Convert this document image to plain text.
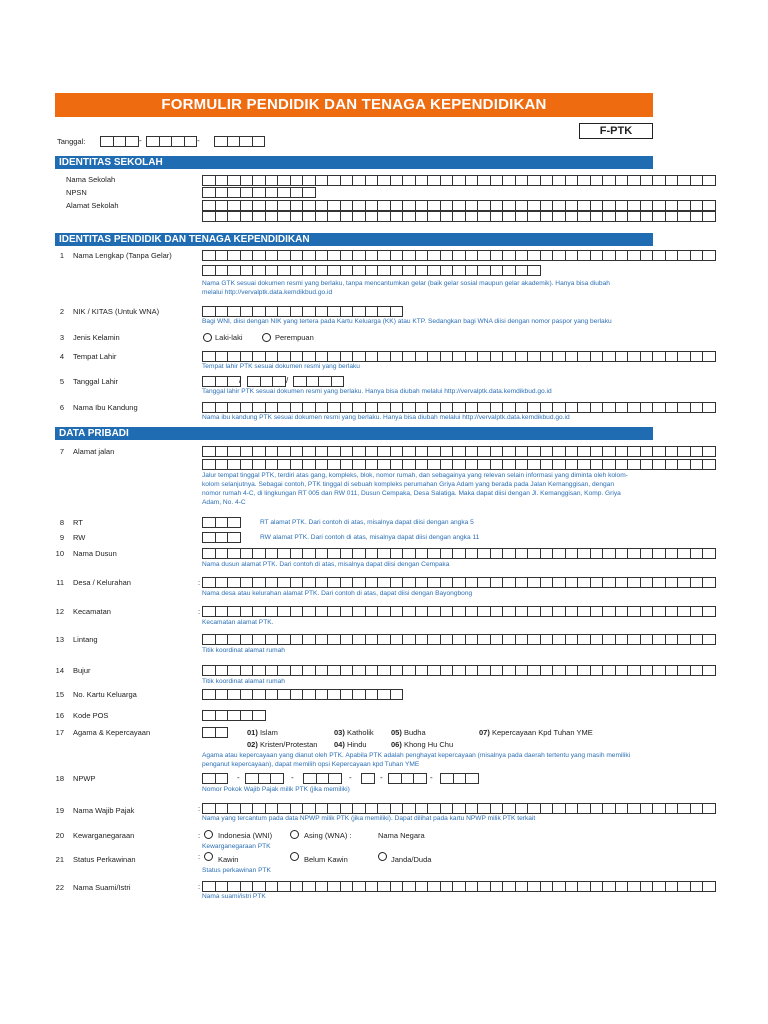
FORMULIR PENDIDIK DAN TENAGA KEPENDIDIKAN
F-PTK
Tanggal:	-	-
IDENTITAS SEKOLAH
Nama Sekolah
NPSN
Alamat Sekolah
IDENTITAS PENDIDIK DAN TENAGA KEPENDIDIKAN
1 Nama Lengkap (Tanpa Gelar)
Nama GTK sesuai dokumen resmi yang berlaku, tanpa mencantumkan gelar (baik gelar sosial maupun gelar akademik). Hanya bisa diubah
melalui http://vervalptk.data.kemdikbud.go.id
2 NIK / KITAS (Untuk WNA)
Bagi WNI, diisi dengan NIK yang tertera pada Kartu Keluarga (KK) atau KTP. Sedangkan bagi WNA diisi dengan nomor paspor yang berlaku
3 Jenis Kelamin	Laki-laki	Perempuan
4 Tempat Lahir
Tempat lahir PTK sesuai dokumen resmi yang berlaku
5 Tanggal Lahir	/	/
Tanggal lahir PTK sesuai dokumen resmi yang berlaku. Hanya bisa diubah melalui http://vervalptk.data.kemdikbud.go.id
6 Nama Ibu Kandung
Nama ibu kandung PTK sesuai dokumen resmi yang berlaku. Hanya bisa diubah melalui http://vervalptk.data.kemdikbud.go.id
DATA PRIBADI
7 Alamat jalan
Jalur tempat tinggal PTK, terdiri atas gang, kompleks, blok, nomor rumah, dan sebagainya yang relevan selain informasi yang diminta oleh kolom-
kolom selanjutnya. Sebagai contoh, PTK tinggal di sebuah kompleks perumahan Griya Adam yang berada pada Jalan Kemanggisan, dengan
nomor rumah 4-C, di lingkungan RT 005 dan RW 011, Dusun Cempaka, Desa Salatiga. Maka dapat diisi dengan Jl. Kemanggisan, Komp. Griya
Adam, No. 4-C
8 RT	RT alamat PTK. Dari contoh di atas, misalnya dapat diisi dengan angka 5
9 RW	RW alamat PTK. Dari contoh di atas, misalnya dapat diisi dengan angka 11
10 Nama Dusun
Nama dusun alamat PTK. Dari contoh di atas, misalnya dapat diisi dengan Cempaka
11 Desa / Kelurahan	:
Nama desa atau kelurahan alamat PTK. Dari contoh di atas, dapat diisi dengan Bayongbong
12 Kecamatan	:
Kecamatan alamat PTK.
13 Lintang
Titik koordinat alamat rumah
14 Bujur
Titik koordinat alamat rumah
15 No. Kartu Keluarga
16 Kode POS
17 Agama & Kepercayaan	01) Islam	03) Katholik 05) Budha	07) Kepercayaan Kpd Tuhan YME
02) Kristen/Protestan 04) Hindu	06) Khong Hu Chu
Agama atau kepercayaan yang dianut oleh PTK. Apabila PTK adalah penghayat kepercayaan (misalnya pada daerah tertentu yang masih memiliki
penganut kepercayaan), dapat memilih opsi Kepercayaan kpd Tuhan YME
18 NPWP	-	-	-	-	-
Nomor Pokok Wajib Pajak milik PTK (jika memiliki)
19 Nama Wajib Pajak	:
Nama yang tercantum pada data NPWP milik PTK (jika memiliki). Dapat dilihat pada kartu NPWP milik PTK terkait
20 Kewarganegaraan	: Indonesia (WNI)	Asing (WNA) :	Nama Negara
Kewarganegaraan PTK
21 Status Perkawinan	: Kawin	Belum Kawin	Janda/Duda
Status perkawinan PTK
22 Nama Suami/Istri	:
Nama suami/istri PTK
